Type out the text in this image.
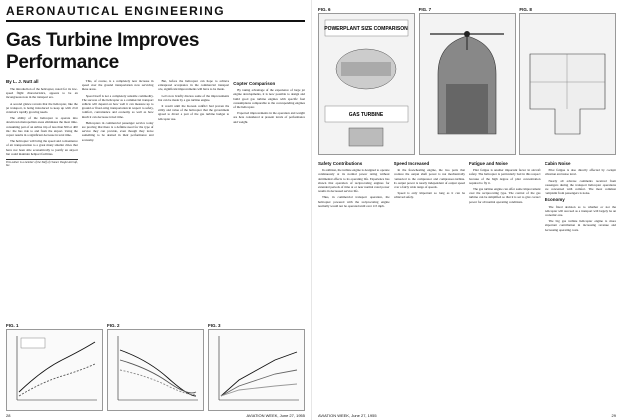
AERONAUTICAL ENGINEERING
Gas Turbine Improves Performance
By L. J. Nutt all

The introduction of the helicopter, noted for its low-speed flight characteristics, appears to be an incongruous note in the transport era.

A second glance reveals that the helicopter, like the jet transport, is being introduced to keep up with civil aviation's rapidly growing needs.

The ability of the helicopter to operate into downtown metropolitan areas eliminates the most time-consuming part of an airline trip of less than 300 or 400 mi.: the bus ride to and from the airport. Using the copter results in a significant decrease in total time.

The helicopter will bring the speed and convenience of air transportation to a great many smaller cities that have not been able economically to justify an airport but could maintain heliport facilities.

This author is a member of the Staff of Chance Vought Aircraft, Inc.

This, of course, is a completely new increase in speed over the ground transportation now servicing these areas.

Speed itself is not a completely saleable commodity. The success of the helicopter as a commercial transport vehicle will depend on how well it can measure up to ground or fixed-wing transportation in respect to safety, comfort, convenience and economy as well as how much it can decrease travel time.

Helicopters in commercial passenger service today are proving that there is a definite need for the type of service they can provide, even though they leave something to be desired in their performance and economy.

But, before the helicopter can hope to achieve widespread acceptance in the commercial transport role, significant improvements will have to be made.

Let's now briefly discuss some of the improvements that can be made by a gas turbine engine.

It wasn't until the Korean conflict had proven the utility and value of the helicopter that the government agreed to divert a part of the gas turbine budget to helicopter use.

Copter Comparison

By taking advantage of the experience of large jet engine developments, it is now possible to design and build good gas turbine engines with specific fuel consumptions comparable to the corresponding engines of the helicopter.

Expected improvements in the operation and weight are here considered at present levels of performance and weight.

FIG. 1	FIG. 2	FIG. 3
28	AVIATION WEEK, June 27, 1955
FIG. 6
POWERPLANT SIZE COMPARISON
GAS TURBINE
FIG. 7	FIG. 8
Safety Contributions

In addition, the turbine engine is designed to operate continuously at its normal power rating without detrimental effects to its operating life. Experience has shown that operation of reciprocating engines for extended periods of time at or near normal rated power results in decreased service life.

Thus, in commercial transport operation, the helicopter powered with the reciprocating engine normally would not be operated until over 115 mph.

Speed Increased

In the freewheeling engine, the two parts that produce the output shaft power is not mechanically connected to the compressor and compressor-turbine. Its output power is nearly independent of output speed over a fairly wide range of speeds.

Speed is only important so long as it can be achieved safely.

Fatigue and Noise

Pilot fatigue is another important factor in aircraft safety. The helicopter is particularly bad in this respect because of the high degree of pilot concentration required to fly it.

The gas turbine engine can offer some improvement over the reciprocating type. The control of the gas turbine can be simplified so that it is set to give correct power for all normal operating conditions.

Cabin Noise

Pilot fatigue is also directly affected by cockpit vibration and noise level.

Nearly all adverse comments received from passengers during the transport helicopter operations are concerned with comfort. The most common complaint from passengers is noise.

Economy

The fixed decision as to whether or not the helicopter will succeed as a transport will largely be an economic one.

The big gas turbine helicopter engine is more important contribution in increasing revenue and decreasing operating costs.

AVIATION WEEK, June 27, 1955	29
